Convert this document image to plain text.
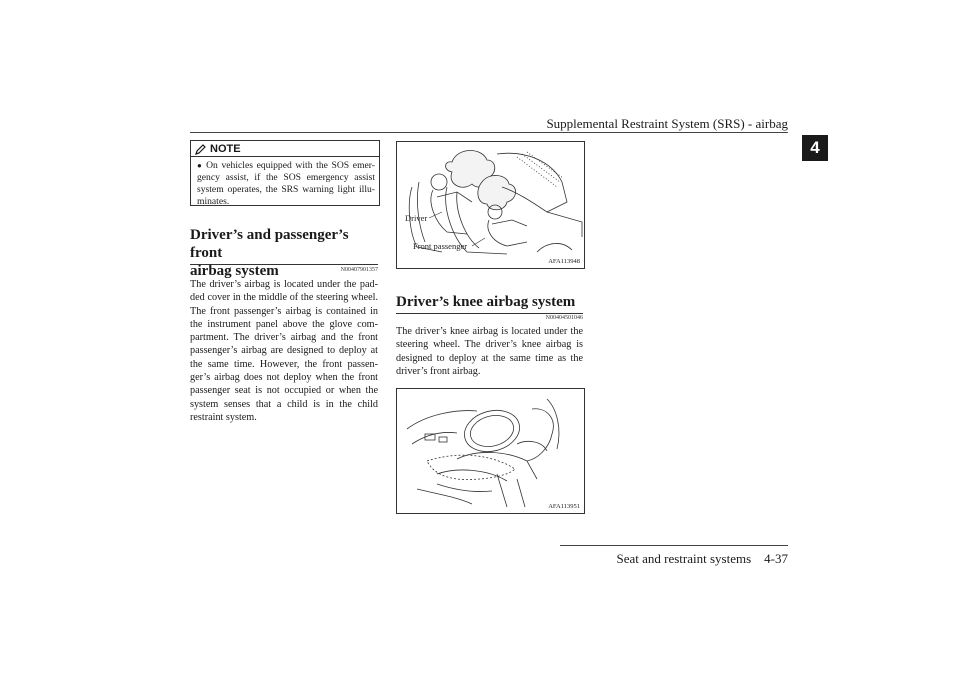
Supplemental Restraint System (SRS) - airbag
4
NOTE
● On vehicles equipped with the SOS emer-gency assist, if the SOS emergency assist system operates, the SRS warning light illu-minates.
Driver’s and passenger’s front
airbag system	N00407901357
The driver’s airbag is located under the pad-ded cover in the middle of the steering wheel. The front passenger’s airbag is contained in the instrument panel above the glove com-partment. The driver’s airbag and the front passenger’s airbag are designed to deploy at the same time. However, the front passen-ger’s airbag does not deploy when the front passenger seat is not occupied or when the system senses that a child is in the child restraint system.
Driver
Front passenger
AFA113948
Driver’s knee airbag system
N00404501046
The driver’s knee airbag is located under the steering wheel. The driver’s knee airbag is designed to deploy at the same time as the driver’s front airbag.
AFA113951
Seat and restraint systems    4-37
